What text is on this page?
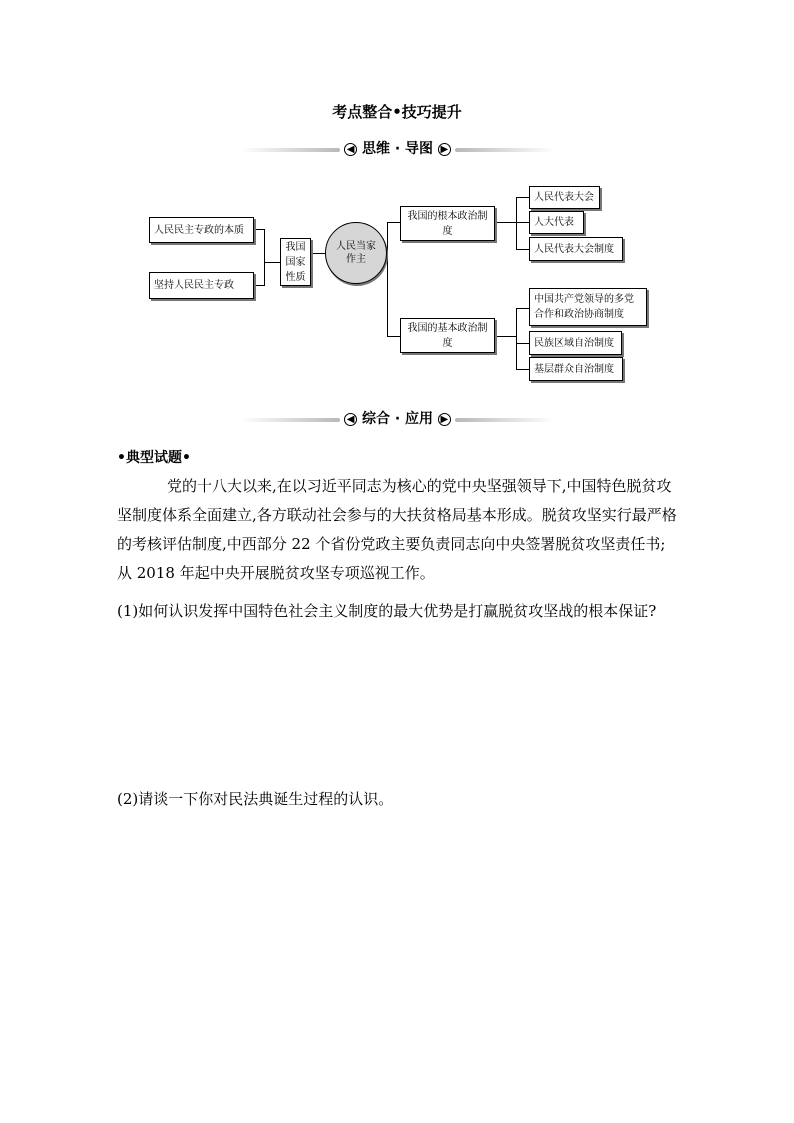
考点整合•技巧提升
◀ 思维 · 导图 ▶
人民民主专政的本质
坚持人民民主专政
我国国家性质
人民当家作主
我国的根本政治制度
我国的基本政治制度
人民代表大会
人大代表
人民代表大会制度
中国共产党领导的多党合作和政治协商制度
民族区域自治制度
基层群众自治制度
◀ 综合 · 应用 ▶
•典型试题•
党的十八大以来,在以习近平同志为核心的党中央坚强领导下,中国特色脱贫攻坚制度体系全面建立,各方联动社会参与的大扶贫格局基本形成。脱贫攻坚实行最严格的考核评估制度,中西部分 22 个省份党政主要负责同志向中央签署脱贫攻坚责任书; 从 2018 年起中央开展脱贫攻坚专项巡视工作。
(1)如何认识发挥中国特色社会主义制度的最大优势是打赢脱贫攻坚战的根本保证?
(2)请谈一下你对民法典诞生过程的认识。
